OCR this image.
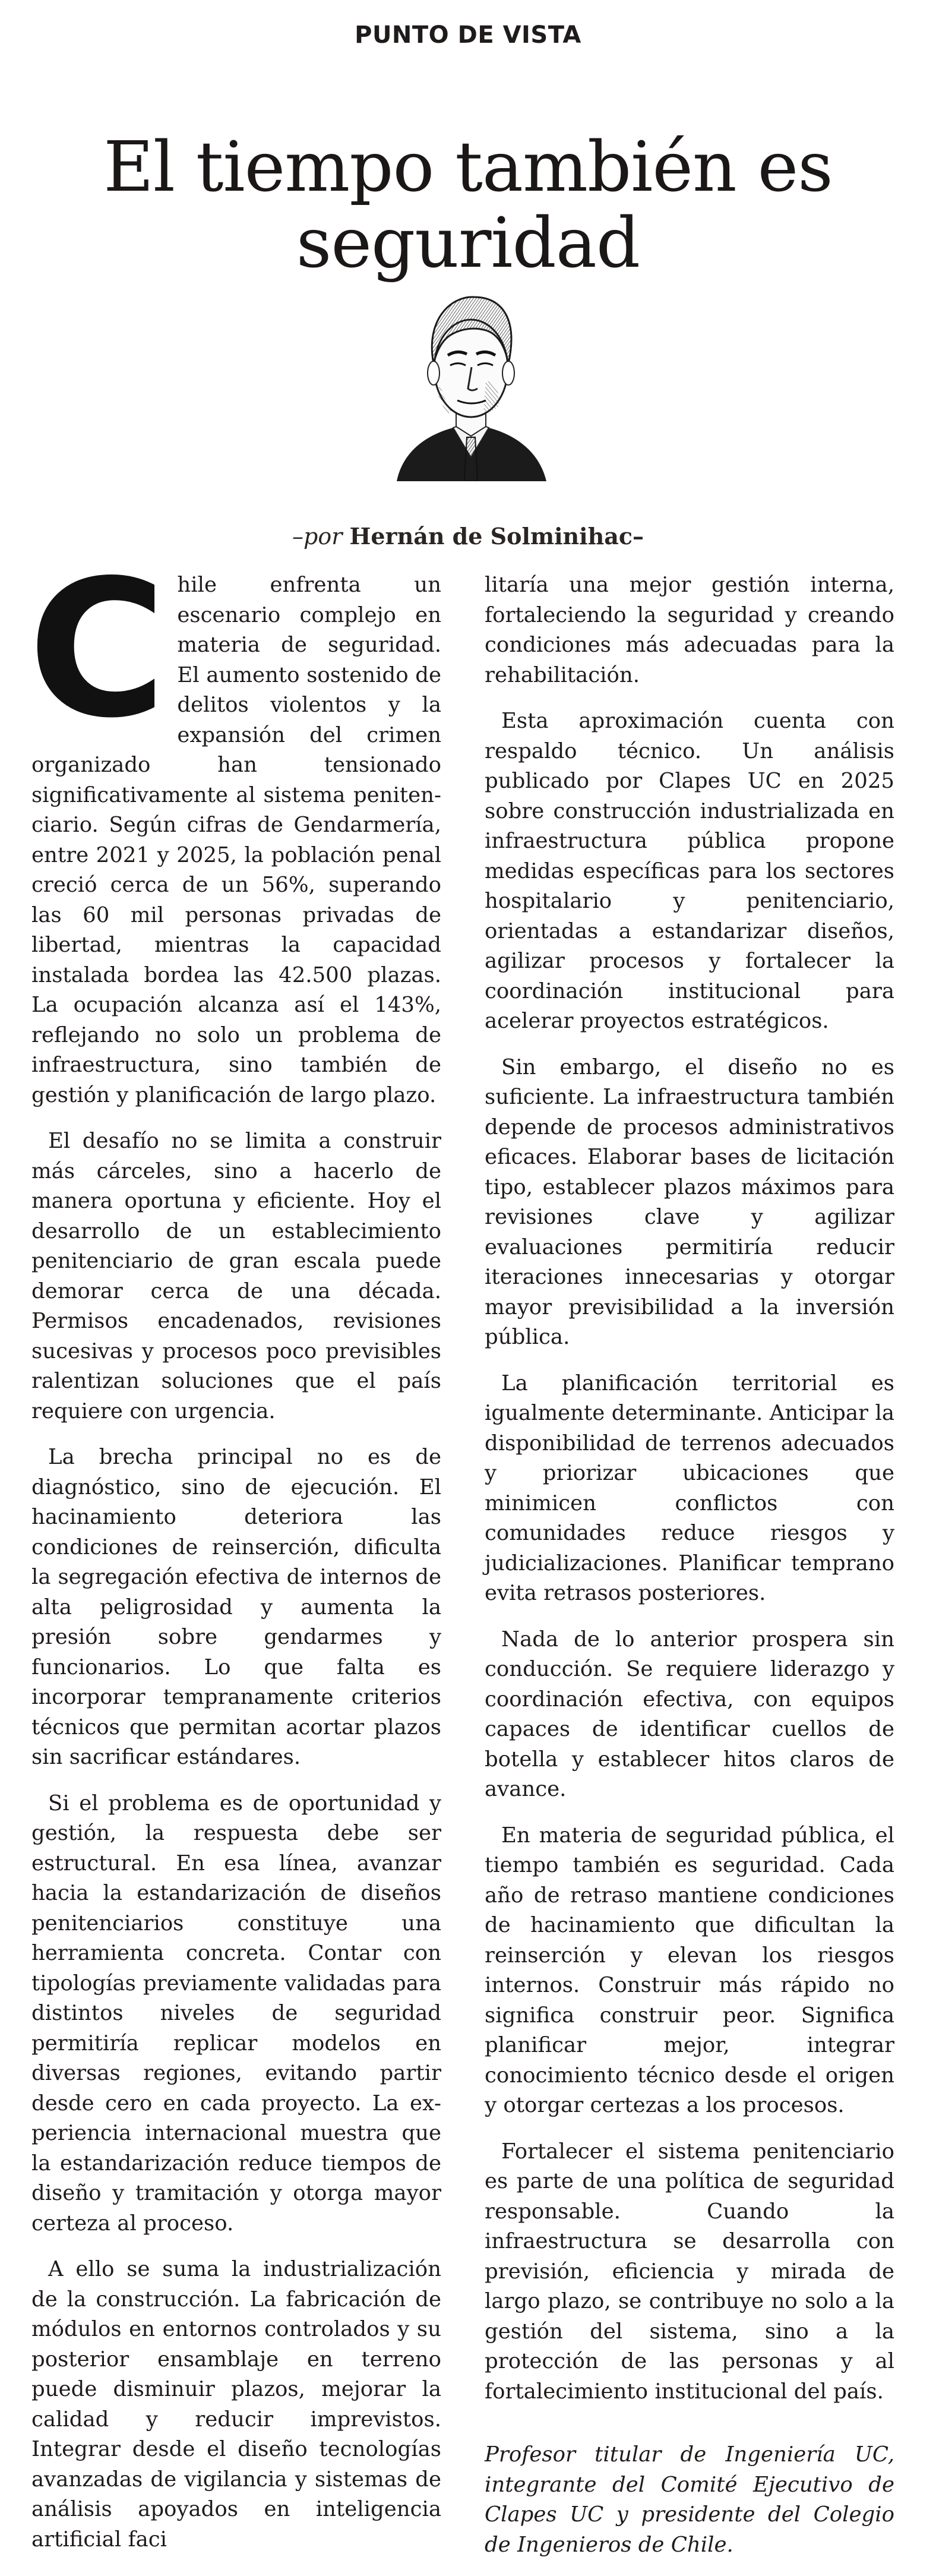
PUNTO DE VISTA
El tiempo también es seguridad
–por Hernán de Solminihac–

Chile enfrenta un escenario complejo en materia de seguridad. El aumento sostenido de delitos violentos y la expansión del crimen organizado han tensionado significativamente al sistema penitenciario. Según cifras de Gendarmería, entre 2021 y 2025, la población penal creció cerca de un 56%, superando las 60 mil personas privadas de libertad, mientras la capacidad instalada bordea las 42.500 plazas. La ocupación alcanza así el 143%, reflejando no solo un problema de infraestructura, sino también de gestión y planificación de largo plazo.

El desafío no se limita a construir más cárceles, sino a hacerlo de manera oportuna y eficiente. Hoy el desarrollo de un establecimiento penitenciario de gran escala puede demorar cerca de una década. Permisos encadenados, revisiones sucesivas y procesos poco previsibles ralentizan soluciones que el país requiere con urgencia.

La brecha principal no es de diagnóstico, sino de ejecución. El hacinamiento deteriora las condiciones de reinserción, dificulta la segregación efectiva de internos de alta peligrosidad y aumenta la presión sobre gendarmes y funcionarios. Lo que falta es incorporar tempranamente criterios técnicos que permitan acortar plazos sin sacrificar estándares.

Si el problema es de oportunidad y gestión, la respuesta debe ser estructural. En esa línea, avanzar hacia la estandarización de diseños penitenciarios constituye una herramienta concreta. Contar con tipologías previamente validadas para distintos niveles de seguridad permitiría replicar modelos en diversas regiones, evitando partir desde cero en cada proyecto. La experiencia internacional muestra que la estandarización reduce tiempos de diseño y tramitación y otorga mayor certeza al proceso.

A ello se suma la industrialización de la construcción. La fabricación de módulos en entornos controlados y su posterior ensamblaje en terreno puede disminuir plazos, mejorar la calidad y reducir imprevistos. Integrar desde el diseño tecnologías avanzadas de vigilancia y sistemas de análisis apoyados en inteligencia artificial faci

litaría una mejor gestión interna, fortaleciendo la seguridad y creando condiciones más adecuadas para la rehabilitación.

Esta aproximación cuenta con respaldo técnico. Un análisis publicado por Clapes UC en 2025 sobre construcción industrializada en infraestructura pública propone medidas específicas para los sectores hospitalario y penitenciario, orientadas a estandarizar diseños, agilizar procesos y fortalecer la coordinación institucional para acelerar proyectos estratégicos.

Sin embargo, el diseño no es suficiente. La infraestructura también depende de procesos administrativos eficaces. Elaborar bases de licitación tipo, establecer plazos máximos para revisiones clave y agilizar evaluaciones permitiría reducir iteraciones innecesarias y otorgar mayor previsibilidad a la inversión pública.

La planificación territorial es igualmente determinante. Anticipar la disponibilidad de terrenos adecuados y priorizar ubicaciones que minimicen conflictos con comunidades reduce riesgos y judicializaciones. Planificar temprano evita retrasos posteriores.

Nada de lo anterior prospera sin conducción. Se requiere liderazgo y coordinación efectiva, con equipos capaces de identificar cuellos de botella y establecer hitos claros de avance.

En materia de seguridad pública, el tiempo también es seguridad. Cada año de retraso mantiene condiciones de hacinamiento que dificultan la reinserción y elevan los riesgos internos. Construir más rápido no significa construir peor. Significa planificar mejor, integrar conocimiento técnico desde el origen y otorgar certezas a los procesos.

Fortalecer el sistema penitenciario es parte de una política de seguridad responsable. Cuando la infraestructura se desarrolla con previsión, eficiencia y mirada de largo plazo, se contribuye no solo a la gestión del sistema, sino a la protección de las personas y al fortalecimiento institucional del país.

Profesor titular de Ingeniería UC, integrante del Comité Ejecutivo de Clapes UC y presidente del Colegio de Ingenieros de Chile.
